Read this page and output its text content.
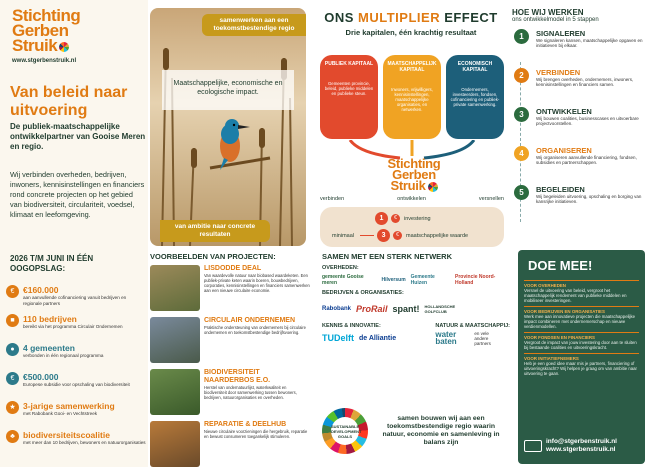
Stichting
Gerben
Struik
www.stgerbenstruik.nl
Van beleid naar uitvoering
De publiek-maatschappelijke ontwikkelpartner van Gooise Meren en regio.
Wij verbinden overheden, bedrijven, inwoners, kennisinstellingen en financiers rond concrete projecten op het gebied van biodiversiteit, circulariteit, voedsel, klimaat en leefomgeving.
2026 T/M JUNI IN ÉÉN OOGOPSLAG:
€	€160.000
aan aanvullende cofinanciering vanuit bedrijven en regionale partners
■ 110 bedrijven
bereikt via het programma Circulair Ondernemen
● 4 gemeenten
verbonden in één regionaal programma
€	€500.000
Europese subsidie voor opschaling van biodiversiteit
★ 3-jarige samenwerking
met Rabobank Gooi- en Vechtstreek
♣ biodiversiteitscoalitie
met meer dan 10 bedrijven, bewoners en natuurorganisaties
samenwerken aan een toekomstbestendige regio
Maatschappelijke, economische en ecologische impact.
van ambitie naar concrete resultaten
ONS MULTIPLIER EFFECT
Drie kapitalen, één krachtig resultaat
PUBLIEK KAPITAAL
Gemeenten provincie, beleid, publieke middelen en publieke steun.
MAATSCHAPPELIJK KAPITAAL
Inwoners, vrijwilligers, kennisinstellingen, maatschappelijke organisaties, en netwerken.
ECONOMISCH KAPITAAL
Ondernemers, investeerders, fondsen, cofinanciering en publiek-private samenwerking.
Stichting
Gerben
Struik
verbinden	ontwikkelen	versnellen
1	€	investering
minimaal	3	€	maatschappelijke waarde
HOE WIJ WERKEN
ons ontwikkelmodel in 5 stappen
1	SIGNALEREN
We signaleren kansen, maatschappelijke opgaven en initiatieven bij elkaar.
2	VERBINDEN
Wij brengen overheden, ondernemers, inwoners, kennisinstellingen en financiers samen.
3	ONTWIKKELEN
Wij bouwen coalities, businesscases en uitvoerbare projectvoorstellen.
4	ORGANISEREN
Wij organiseren aanvullende financiering, fondsen, subsidies en partnerschappen.
5	BEGELEIDEN
Wij begeleiden uitvoering, opschaling en borging van kansrijke initiatieven.
VOORBEELDEN VAN PROJECTEN:
LISDODDE DEAL
Van waardevolle natuur naar biobased waardeketen. Een publiek-private keten waarin boeren, bouwbedrijven, corporaties, kennisinstellingen en financiers samenwerken aan een nieuwe circulaire economie.
CIRCULAIR ONDERNEMEN
Praktische ondersteuning van ondernemers bij circulaire ondernemen en toekomstbestendige bedrijfsvoering.
BIODIVERSITEIT NAARDERBOS E.O.
Herstel van ondernatuurlijst, waterkwaliteit en biodiversiteit door samenwerking tussen bewoners, bedrijven, natuurorganisaties en overheden.
REPARATIE & DEELHUB
Nieuwe circulaire voorzieningen die hergebruik, reparatie en bewust consumeren toegankelijk stimuleren.
SAMEN MET EEN STERK NETWERK
OVERHEDEN:
gemeente Gooise meren	Hilversum Gemeente Huizen
Provincie Noord-Holland
BEDRIJVEN & ORGANISATIES:
Rabobank ProRail spant! HOLLANDSCHE GOLFCLUB
KENNIS & INNOVATIE:
TUDelft de Alliantie
NATUUR & MAATSCHAPPIJ:
water baten
en vele andere partners
SUSTAINABLE DEVELOPMENT GOALS
samen bouwen wij aan een toekomstbestendige regio waarin natuur, economie en samenleving in balans zijn
DOE MEE!
VOOR OVERHEDEN
Versnel de uitvoering van beleid, vergroot het maatschappelijk rendement van publieke middelen en mobiliseer investeringen.
VOOR BEDRIJVEN EN ORGANISATIES
Werk mee aan innovatieve projecten die maatschappelijke impact combineren met ondernemerschap en nieuwe verdienmodellen.
VOOR FONDSEN EN FINANCIERS
Vergroot de impact van jouw investering door aan te sluiten bij bestaande coalities en uitvoeringskracht.
VOOR INITIATIEFNEMERS
Heb je een goed idee maar mis je partners, financiering of uitvoeringskracht? Wij helpen je graag om van ambitie naar uitvoering te gaan.
info@stgerbenstruik.nl
www.stgerbenstruik.nl
